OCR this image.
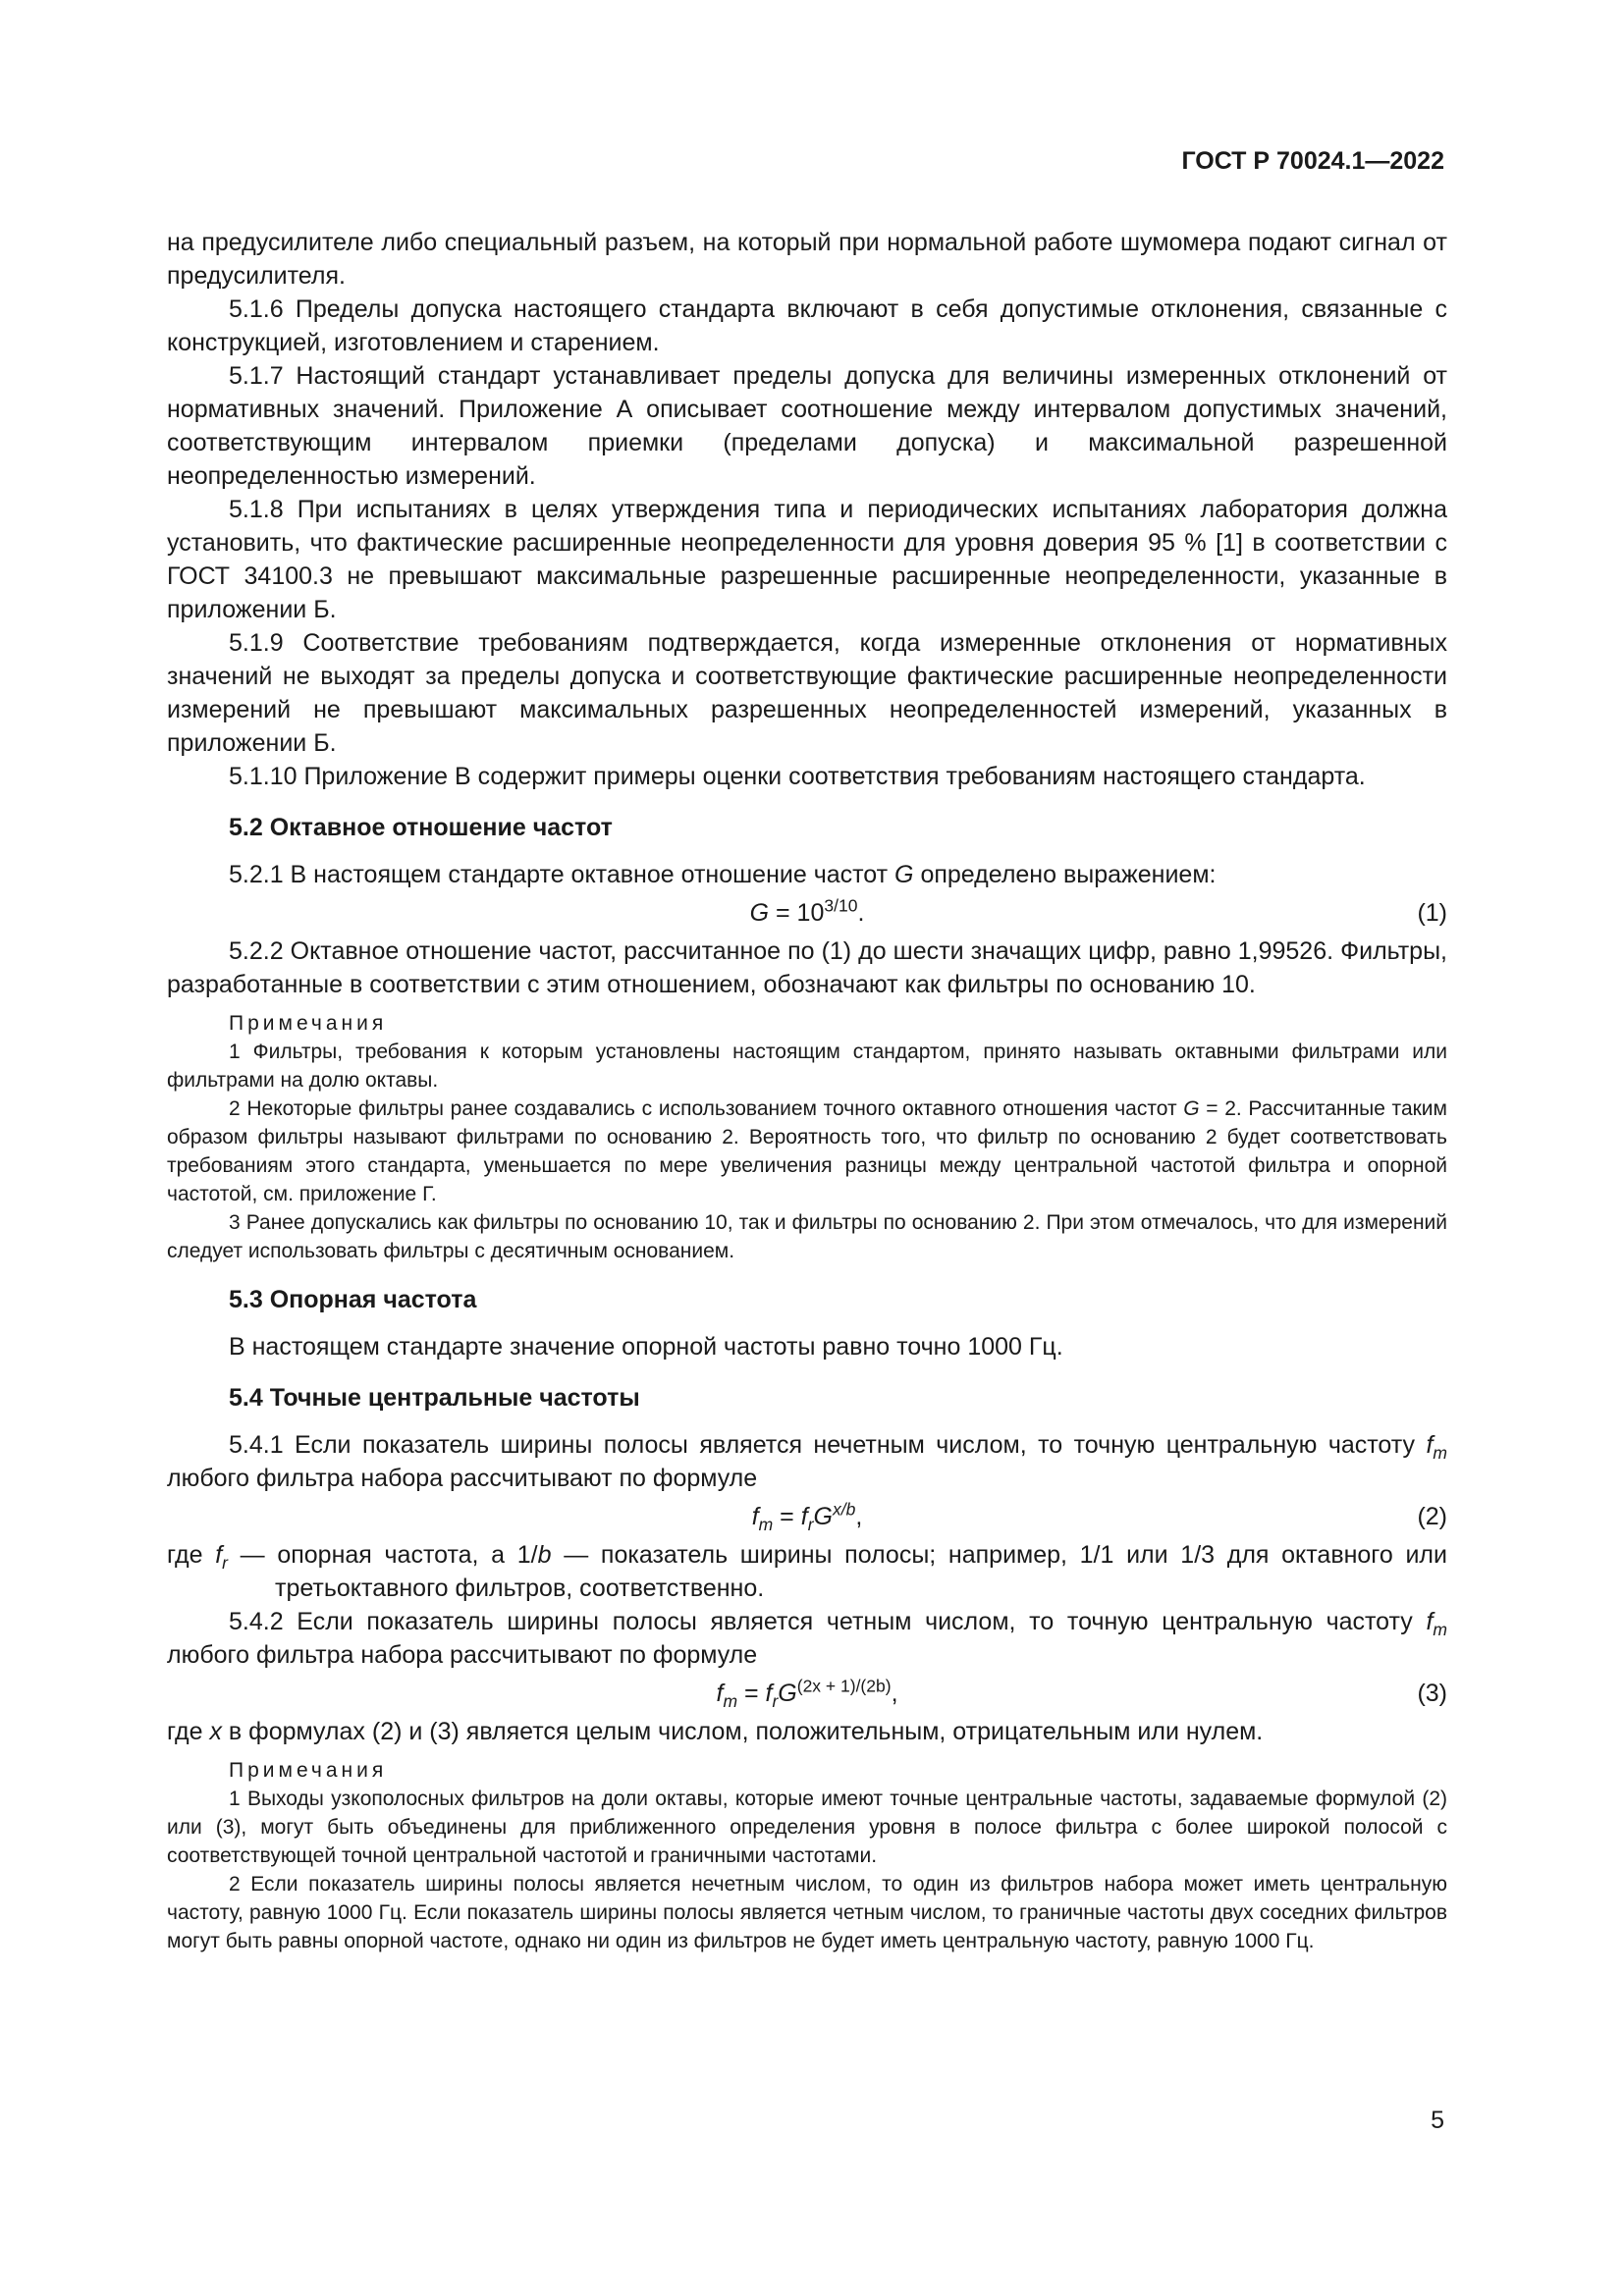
ГОСТ Р 70024.1—2022

на предусилителе либо специальный разъем, на который при нормальной работе шумомера подают сигнал от предусилителя.

5.1.6 Пределы допуска настоящего стандарта включают в себя допустимые отклонения, связанные с конструкцией, изготовлением и старением.

5.1.7 Настоящий стандарт устанавливает пределы допуска для величины измеренных отклонений от нормативных значений. Приложение А описывает соотношение между интервалом допустимых значений, соответствующим интервалом приемки (пределами допуска) и максимальной разрешенной неопределенностью измерений.

5.1.8 При испытаниях в целях утверждения типа и периодических испытаниях лаборатория должна установить, что фактические расширенные неопределенности для уровня доверия 95 % [1] в соответствии с ГОСТ 34100.3 не превышают максимальные разрешенные расширенные неопределенности, указанные в приложении Б.

5.1.9 Соответствие требованиям подтверждается, когда измеренные отклонения от нормативных значений не выходят за пределы допуска и соответствующие фактические расширенные неопределенности измерений не превышают максимальных разрешенных неопределенностей измерений, указанных в приложении Б.

5.1.10 Приложение В содержит примеры оценки соответствия требованиям настоящего стандарта.

5.2 Октавное отношение частот

5.2.1 В настоящем стандарте октавное отношение частот G определено выражением:

$G = 10^{3/10}$.	(1)

5.2.2 Октавное отношение частот, рассчитанное по (1) до шести значащих цифр, равно 1,99526. Фильтры, разработанные в соответствии с этим отношением, обозначают как фильтры по основанию 10.

Примечания

1 Фильтры, требования к которым установлены настоящим стандартом, принято называть октавными фильтрами или фильтрами на долю октавы.

2 Некоторые фильтры ранее создавались с использованием точного октавного отношения частот G = 2. Рассчитанные таким образом фильтры называют фильтрами по основанию 2. Вероятность того, что фильтр по основанию 2 будет соответствовать требованиям этого стандарта, уменьшается по мере увеличения разницы между центральной частотой фильтра и опорной частотой, см. приложение Г.

3 Ранее допускались как фильтры по основанию 10, так и фильтры по основанию 2. При этом отмечалось, что для измерений следует использовать фильтры с десятичным основанием.

5.3 Опорная частота

В настоящем стандарте значение опорной частоты равно точно 1000 Гц.

5.4 Точные центральные частоты

5.4.1 Если показатель ширины полосы является нечетным числом, то точную центральную частоту $f_m$ любого фильтра набора рассчитывают по формуле

$f_m = f_rG^{x/b}$,	(2)

где $f_r$ — опорная частота, а 1/b — показатель ширины полосы; например, 1/1 или 1/3 для октавного или третьоктавного фильтров, соответственно.

5.4.2 Если показатель ширины полосы является четным числом, то точную центральную частоту $f_m$ любого фильтра набора рассчитывают по формуле

$f_m = f_rG^{(2x + 1)/(2b)}$,	(3)

где x в формулах (2) и (3) является целым числом, положительным, отрицательным или нулем.

Примечания

1 Выходы узкополосных фильтров на доли октавы, которые имеют точные центральные частоты, задаваемые формулой (2) или (3), могут быть объединены для приближенного определения уровня в полосе фильтра с более широкой полосой с соответствующей точной центральной частотой и граничными частотами.

2 Если показатель ширины полосы является нечетным числом, то один из фильтров набора может иметь центральную частоту, равную 1000 Гц. Если показатель ширины полосы является четным числом, то граничные частоты двух соседних фильтров могут быть равны опорной частоте, однако ни один из фильтров не будет иметь центральную частоту, равную 1000 Гц.

5
